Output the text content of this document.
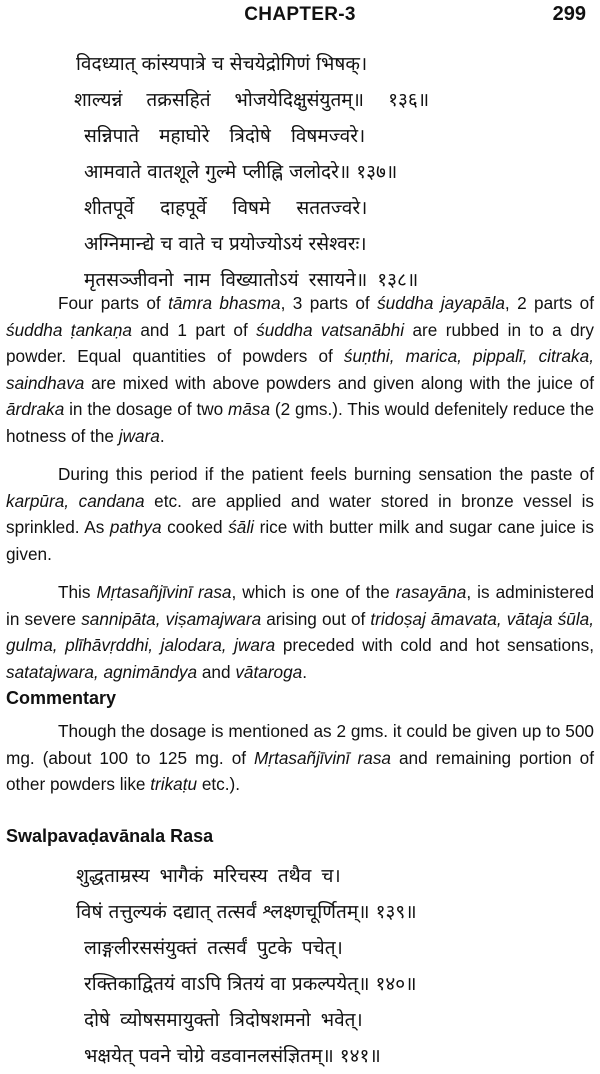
CHAPTER-3	299
विदध्यात् कांस्यपात्रे च सेचयेद्रोगिणं भिषक्।
शाल्यन्नं तक्रसहितं भोजयेदिक्षुसंयुतम्॥ १३६॥
सन्निपाते महाघोरे त्रिदोषे विषमज्वरे।
आमवाते वातशूले गुल्मे प्लीह्नि जलोदरे॥ १३७॥
शीतपूर्वे दाहपूर्वे विषमे सततज्वरे।
अग्निमान्द्ये च वाते च प्रयोज्योऽयं रसेश्वरः।
मृतसञ्जीवनो नाम विख्यातोऽयं रसायने॥ १३८॥

Four parts of tāmra bhasma, 3 parts of śuddha jayapāla, 2 parts of śuddha ṭankaṇa and 1 part of śuddha vatsanābhi are rubbed in to a dry powder. Equal quantities of powders of śuṇthi, marica, pippalī, citraka, saindhava are mixed with above powders and given along with the juice of ārdraka in the dosage of two māsa (2 gms.). This would defenitely reduce the hotness of the jwara.

During this period if the patient feels burning sensation the paste of karpūra, candana etc. are applied and water stored in bronze vessel is sprinkled. As pathya cooked śāli rice with butter milk and sugar cane juice is given.

This Mṛtasañjīvinī rasa, which is one of the rasayāna, is administered in severe sannipāta, viṣamajwara arising out of tridoṣaj āmavata, vātaja śūla, gulma, plīhāvṛddhi, jalodara, jwara preceded with cold and hot sensations, satatajwara, agnimāndya and vātaroga.

Commentary

Though the dosage is mentioned as 2 gms. it could be given up to 500 mg. (about 100 to 125 mg. of Mṛtasañjīvinī rasa and remaining portion of other powders like trikaṭu etc.).

Swalpavaḍavānala Rasa
शुद्धताम्रस्य भागैकं मरिचस्य तथैव च।
विषं तत्तुल्यकं दद्यात् तत्सर्वं श्लक्ष्णचूर्णितम्॥ १३९॥
लाङ्गलीरससंयुक्तं तत्सर्वं पुटके पचेत्।
रक्तिकाद्वितयं वाऽपि त्रितयं वा प्रकल्पयेत्॥ १४०॥
दोषे व्योषसमायुक्तो त्रिदोषशमनो भवेत्।
भक्षयेत् पवने चोग्रे वडवानलसंज्ञितम्॥ १४१॥
